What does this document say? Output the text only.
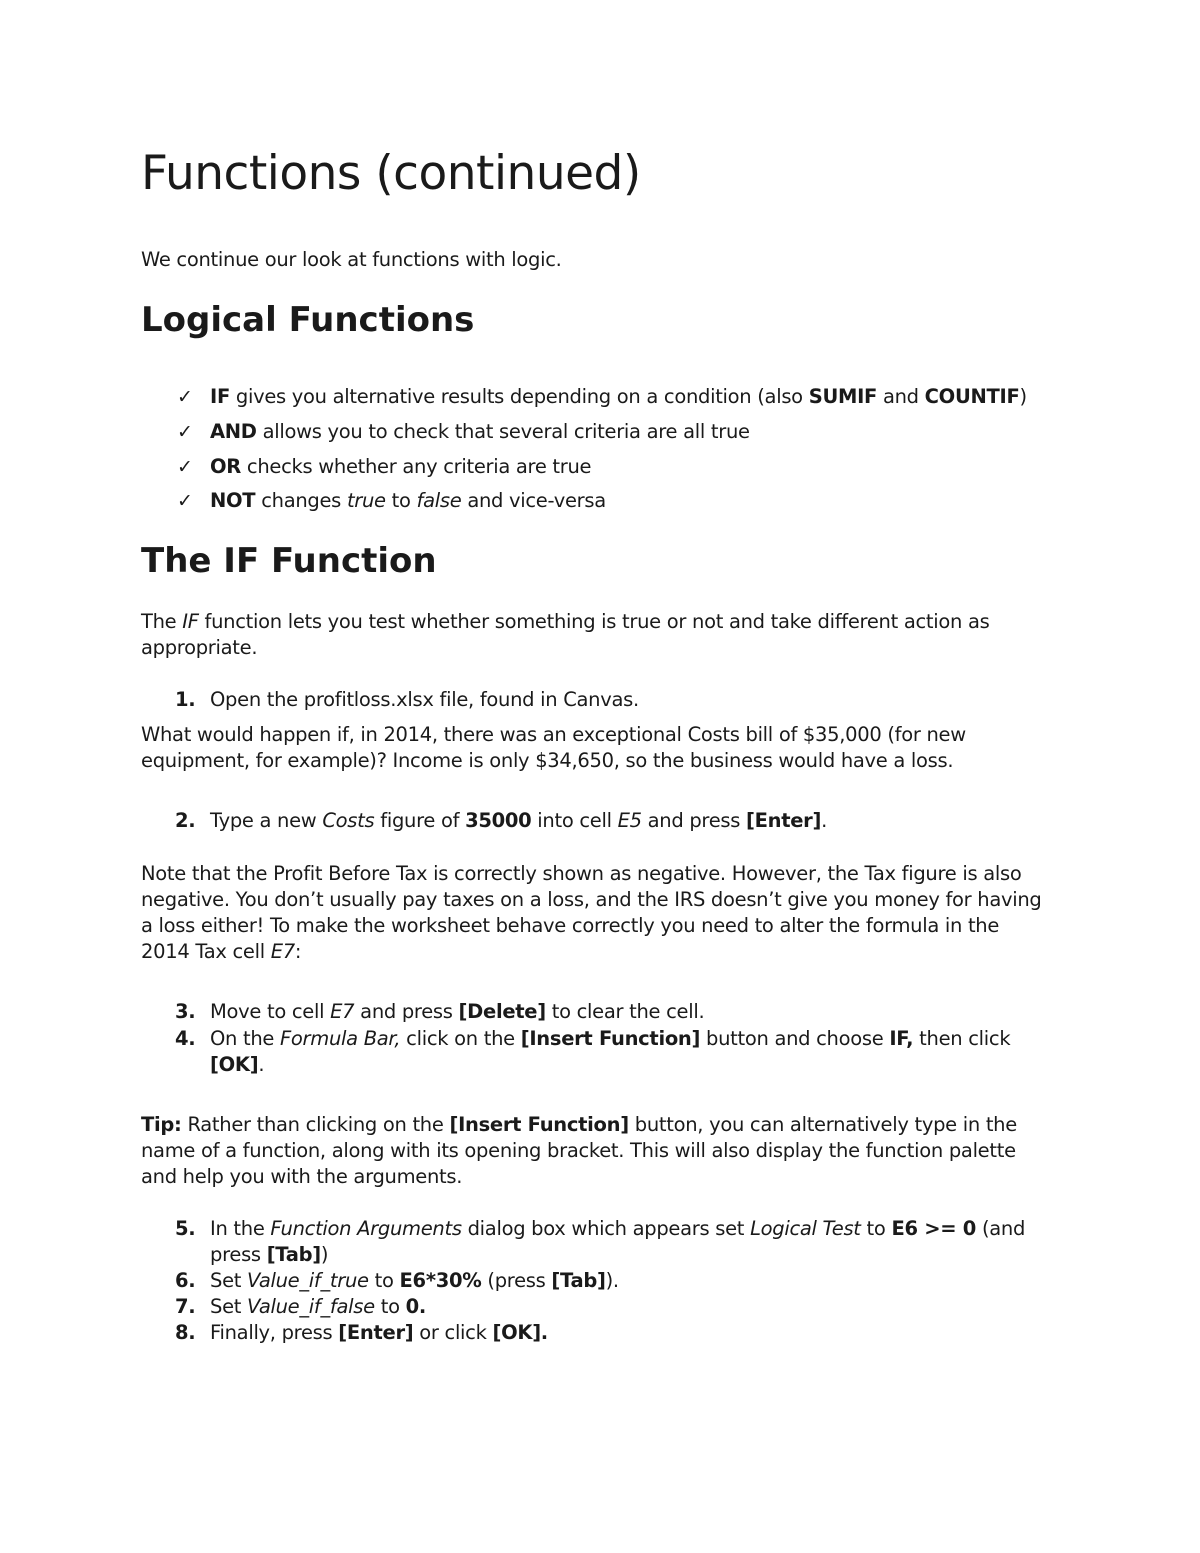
Functions (continued)
We continue our look at functions with logic.
Logical Functions
✓ IF gives you alternative results depending on a condition (also SUMIF and COUNTIF)
✓ AND allows you to check that several criteria are all true
✓ OR checks whether any criteria are true
✓ NOT changes true to false and vice-versa
The IF Function
The IF function lets you test whether something is true or not and take different action as
appropriate.
1. Open the profitloss.xlsx file, found in Canvas.
What would happen if, in 2014, there was an exceptional Costs bill of $35,000 (for new
equipment, for example)? Income is only $34,650, so the business would have a loss.
2. Type a new Costs figure of 35000 into cell E5 and press [Enter].
Note that the Profit Before Tax is correctly shown as negative. However, the Tax figure is also
negative. You don’t usually pay taxes on a loss, and the IRS doesn’t give you money for having
a loss either! To make the worksheet behave correctly you need to alter the formula in the
2014 Tax cell E7:
3. Move to cell E7 and press [Delete] to clear the cell.
4. On the Formula Bar, click on the [Insert Function] button and choose IF, then click
[OK].
Tip: Rather than clicking on the [Insert Function] button, you can alternatively type in the
name of a function, along with its opening bracket. This will also display the function palette
and help you with the arguments.
5. In the Function Arguments dialog box which appears set Logical Test to E6 >= 0 (and
press [Tab])
6. Set Value_if_true to E6*30% (press [Tab]).
7. Set Value_if_false to 0.
8. Finally, press [Enter] or click [OK].
